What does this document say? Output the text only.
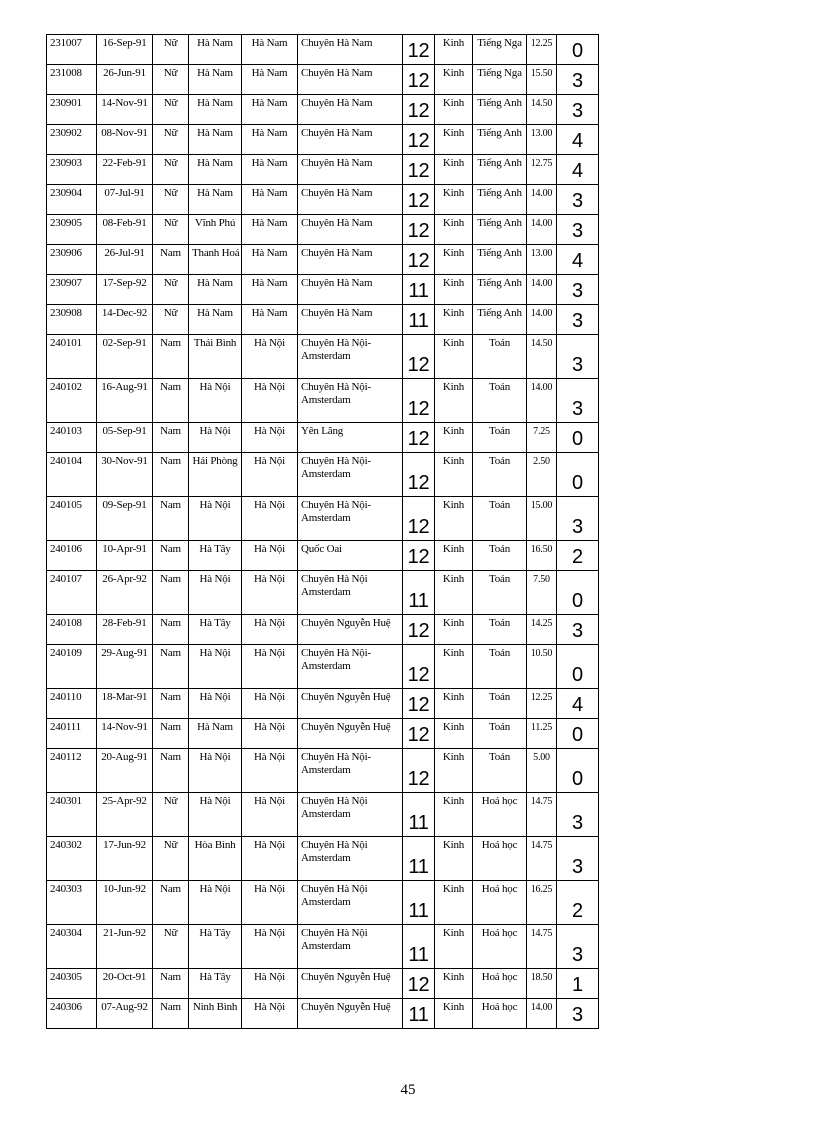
231007	16-Sep-91	Nữ	Hà Nam	Hà Nam	Chuyên Hà Nam	12	Kinh	Tiếng Nga	12.25	0
231008	26-Jun-91	Nữ	Hà Nam	Hà Nam	Chuyên Hà Nam	12	Kinh	Tiếng Nga	15.50	3
230901	14-Nov-91	Nữ	Hà Nam	Hà Nam	Chuyên Hà Nam	12	Kinh	Tiếng Anh	14.50	3
230902	08-Nov-91	Nữ	Hà Nam	Hà Nam	Chuyên Hà Nam	12	Kinh	Tiếng Anh	13.00	4
230903	22-Feb-91	Nữ	Hà Nam	Hà Nam	Chuyên Hà Nam	12	Kinh	Tiếng Anh	12.75	4
230904	07-Jul-91	Nữ	Hà Nam	Hà Nam	Chuyên Hà Nam	12	Kinh	Tiếng Anh	14.00	3
230905	08-Feb-91	Nữ	Vĩnh Phú	Hà Nam	Chuyên Hà Nam	12	Kinh	Tiếng Anh	14.00	3
230906	26-Jul-91	Nam	Thanh Hoá	Hà Nam	Chuyên Hà Nam	12	Kinh	Tiếng Anh	13.00	4
230907	17-Sep-92	Nữ	Hà Nam	Hà Nam	Chuyên Hà Nam	11	Kinh	Tiếng Anh	14.00	3
230908	14-Dec-92	Nữ	Hà Nam	Hà Nam	Chuyên Hà Nam	11	Kinh	Tiếng Anh	14.00	3
240101	02-Sep-91	Nam	Thái Bình	Hà Nội	Chuyên Hà Nội-Amsterdam	12	Kinh	Toán	14.50	3
240102	16-Aug-91	Nam	Hà Nội	Hà Nội	Chuyên Hà Nội-Amsterdam	12	Kinh	Toán	14.00	3
240103	05-Sep-91	Nam	Hà Nội	Hà Nội	Yên Lãng	12	Kinh	Toán	7.25	0
240104	30-Nov-91	Nam	Hải Phòng	Hà Nội	Chuyên Hà Nội-Amsterdam	12	Kinh	Toán	2.50	0
240105	09-Sep-91	Nam	Hà Nội	Hà Nội	Chuyên Hà Nội-Amsterdam	12	Kinh	Toán	15.00	3
240106	10-Apr-91	Nam	Hà Tây	Hà Nội	Quốc Oai	12	Kinh	Toán	16.50	2
240107	26-Apr-92	Nam	Hà Nội	Hà Nội	Chuyên Hà Nội Amsterdam	11	Kinh	Toán	7.50	0
240108	28-Feb-91	Nam	Hà Tây	Hà Nội	Chuyên Nguyễn Huệ	12	Kinh	Toán	14.25	3
240109	29-Aug-91	Nam	Hà Nội	Hà Nội	Chuyên Hà Nội-Amsterdam	12	Kinh	Toán	10.50	0
240110	18-Mar-91	Nam	Hà Nội	Hà Nội	Chuyên Nguyễn Huệ	12	Kinh	Toán	12.25	4
240111	14-Nov-91	Nam	Hà Nam	Hà Nội	Chuyên Nguyễn Huệ	12	Kinh	Toán	11.25	0
240112	20-Aug-91	Nam	Hà Nội	Hà Nội	Chuyên Hà Nội-Amsterdam	12	Kinh	Toán	5.00	0
240301	25-Apr-92	Nữ	Hà Nội	Hà Nội	Chuyên Hà Nội Amsterdam	11	Kinh	Hoá học	14.75	3
240302	17-Jun-92	Nữ	Hòa Bình	Hà Nội	Chuyên Hà Nội Amsterdam	11	Kinh	Hoá học	14.75	3
240303	10-Jun-92	Nam	Hà Nội	Hà Nội	Chuyên Hà Nội Amsterdam	11	Kinh	Hoá học	16.25	2
240304	21-Jun-92	Nữ	Hà Tây	Hà Nội	Chuyên Hà Nội Amsterdam	11	Kinh	Hoá học	14.75	3
240305	20-Oct-91	Nam	Hà Tây	Hà Nội	Chuyên Nguyễn Huệ	12	Kinh	Hoá học	18.50	1
240306	07-Aug-92	Nam	Ninh Bình	Hà Nội	Chuyên Nguyễn Huệ	11	Kinh	Hoá học	14.00	3
45
